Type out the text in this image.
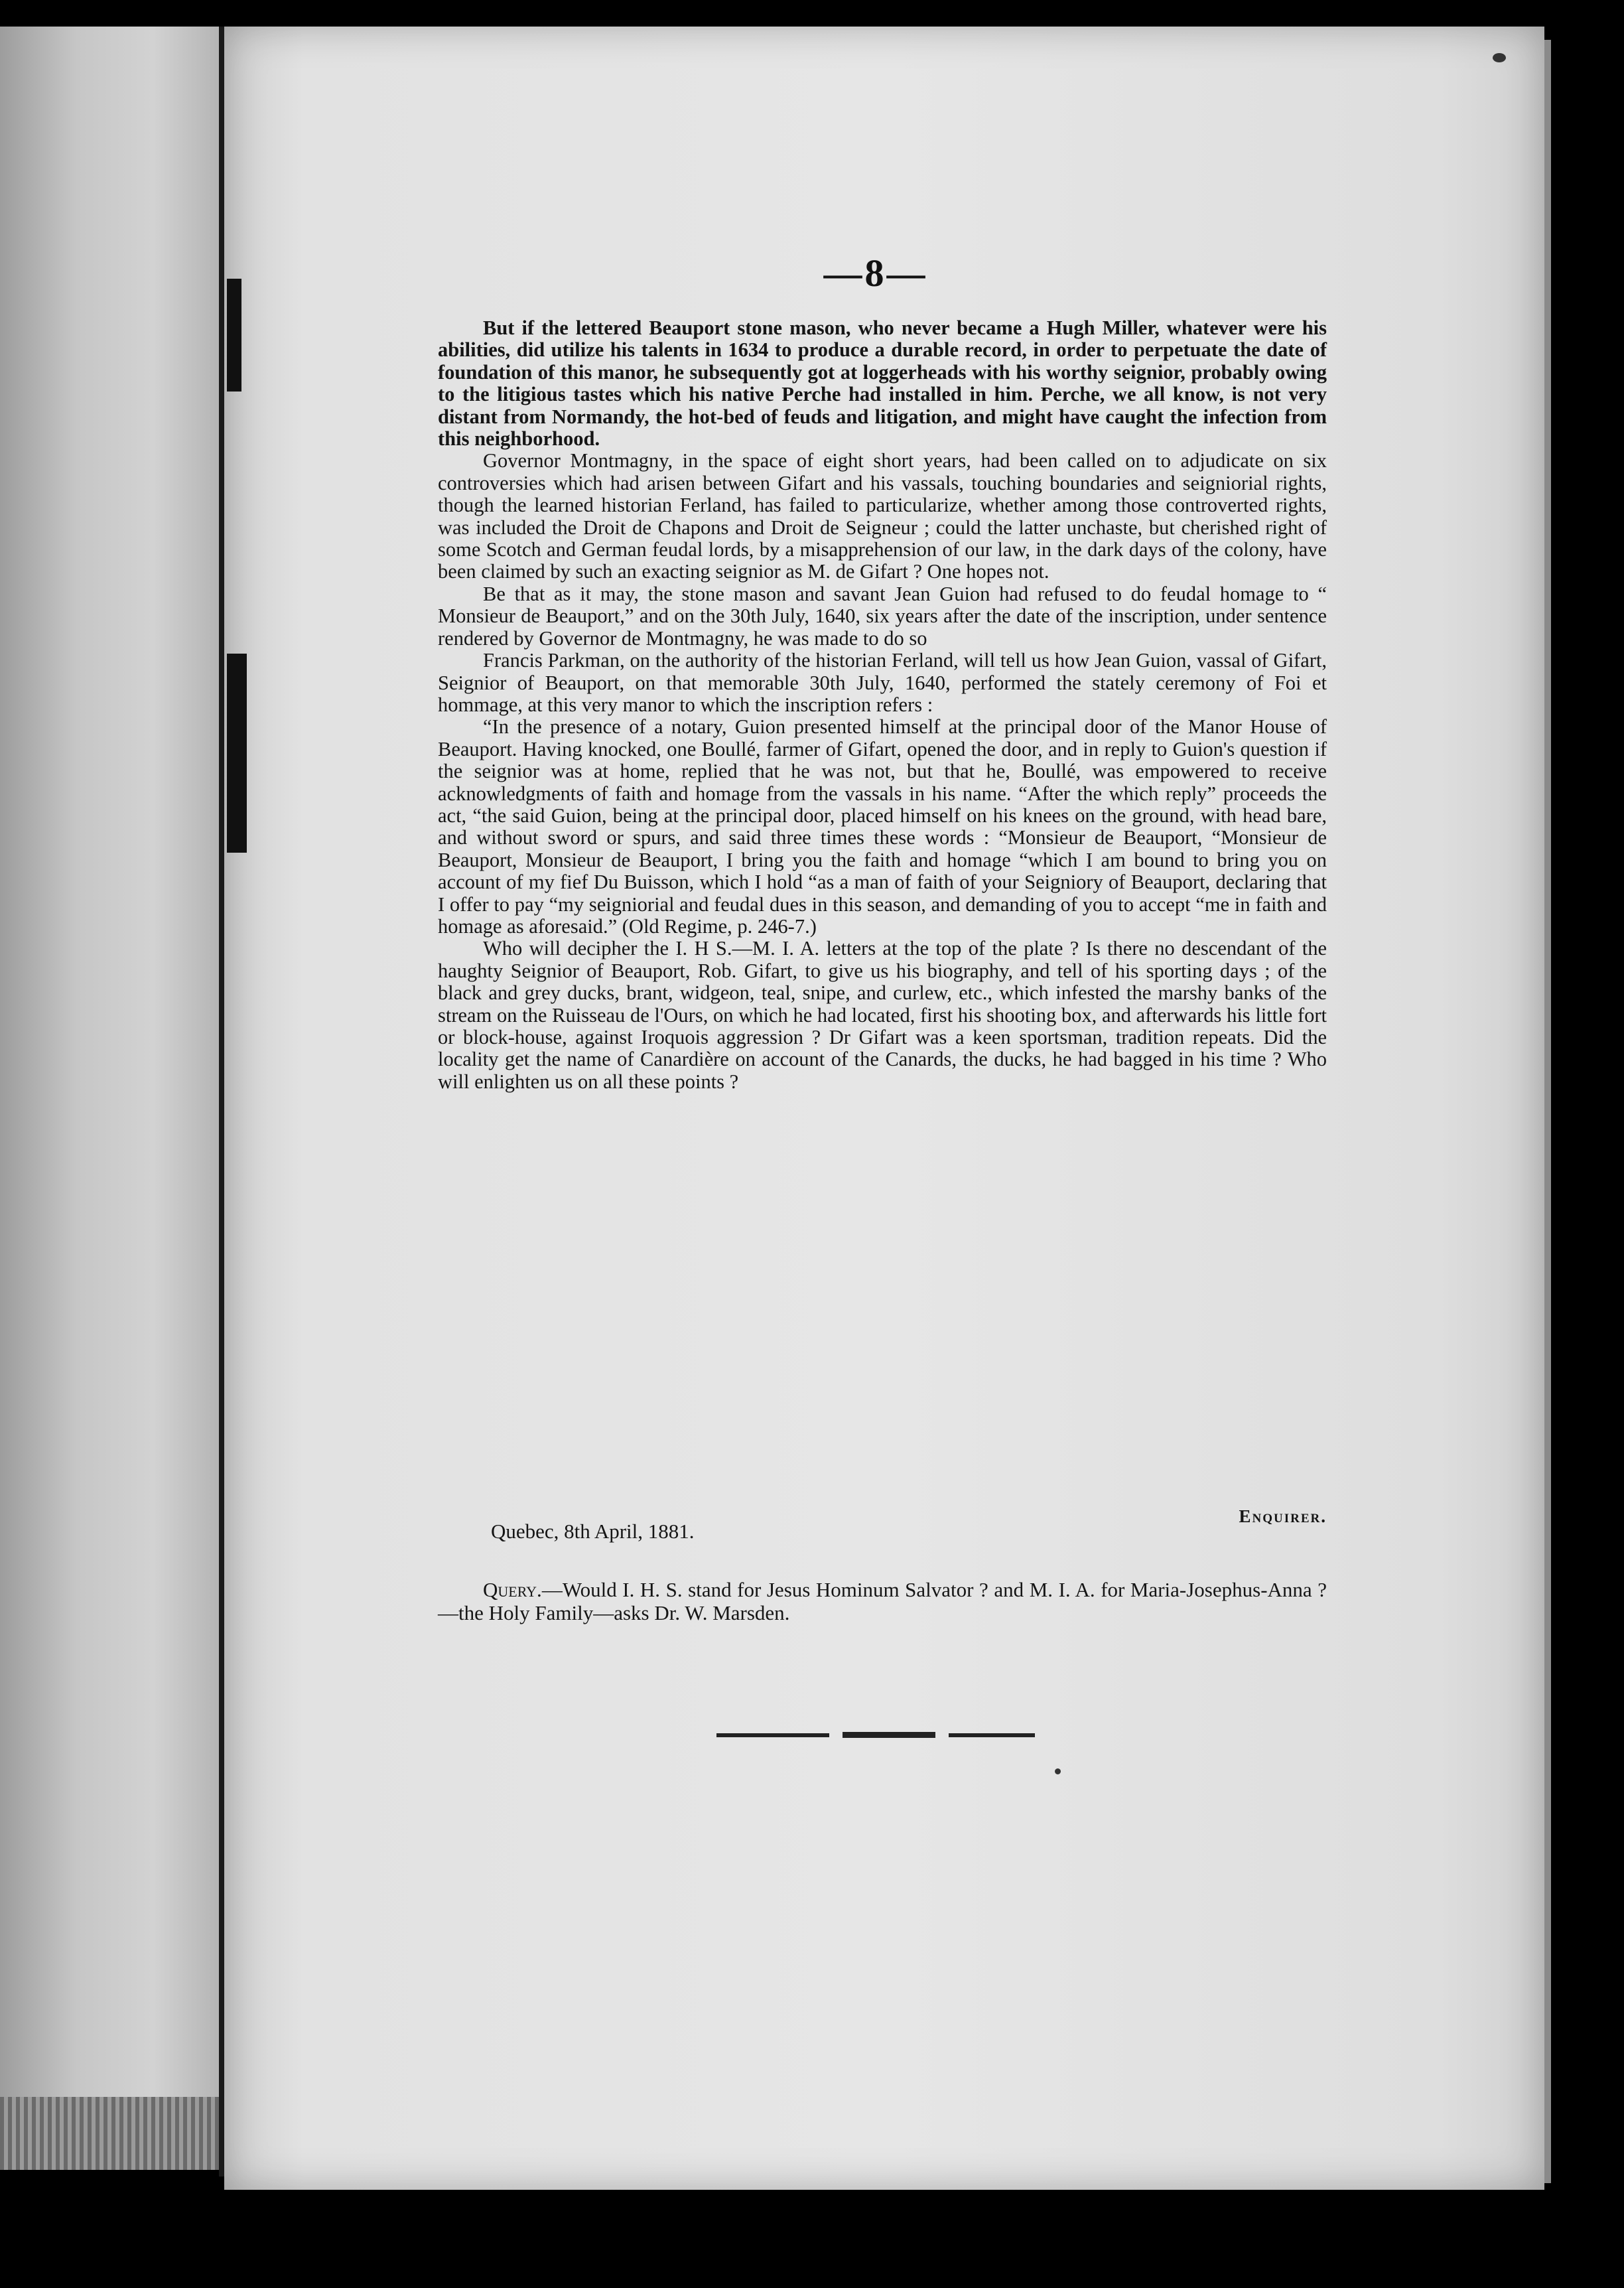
—8—

But if the lettered Beauport stone mason, who never became a Hugh Miller, whatever were his abilities, did utilize his talents in 1634 to produce a durable record, in order to perpetuate the date of foundation of this manor, he subsequently got at loggerheads with his worthy seignior, probably owing to the litigious tastes which his native Perche had installed in him. Perche, we all know, is not very distant from Normandy, the hot-bed of feuds and litigation, and might have caught the infection from this neighborhood.

Governor Montmagny, in the space of eight short years, had been called on to adjudicate on six controversies which had arisen between Gifart and his vassals, touching boundaries and seigniorial rights, though the learned historian Ferland, has failed to particularize, whether among those controverted rights, was included the Droit de Chapons and Droit de Seigneur ; could the latter unchaste, but cherished right of some Scotch and German feudal lords, by a misapprehension of our law, in the dark days of the colony, have been claimed by such an exacting seignior as M. de Gifart ? One hopes not.

Be that as it may, the stone mason and savant Jean Guion had refused to do feudal homage to “ Monsieur de Beauport,” and on the 30th July, 1640, six years after the date of the inscription, under sentence rendered by Governor de Montmagny, he was made to do so

Francis Parkman, on the authority of the historian Ferland, will tell us how Jean Guion, vassal of Gifart, Seignior of Beauport, on that memorable 30th July, 1640, performed the stately ceremony of Foi et hommage, at this very manor to which the inscription refers :

“In the presence of a notary, Guion presented himself at the principal door of the Manor House of Beauport. Having knocked, one Boullé, farmer of Gifart, opened the door, and in reply to Guion's question if the seignior was at home, replied that he was not, but that he, Boullé, was empowered to receive acknowledgments of faith and homage from the vassals in his name. “After the which reply” proceeds the act, “the said Guion, being at the principal door, placed himself on his knees on the ground, with head bare, and without sword or spurs, and said three times these words : “Monsieur de Beauport, “Monsieur de Beauport, Monsieur de Beauport, I bring you the faith and homage “which I am bound to bring you on account of my fief Du Buisson, which I hold “as a man of faith of your Seigniory of Beauport, declaring that I offer to pay “my seigniorial and feudal dues in this season, and demanding of you to accept “me in faith and homage as aforesaid.” (Old Regime, p. 246-7.)

Who will decipher the I. H S.—M. I. A. letters at the top of the plate ? Is there no descendant of the haughty Seignior of Beauport, Rob. Gifart, to give us his biography, and tell of his sporting days ; of the black and grey ducks, brant, widgeon, teal, snipe, and curlew, etc., which infested the marshy banks of the stream on the Ruisseau de l'Ours, on which he had located, first his shooting box, and afterwards his little fort or block-house, against Iroquois aggression ? Dr Gifart was a keen sportsman, tradition repeats. Did the locality get the name of Canardière on account of the Canards, the ducks, he had bagged in his time ? Who will enlighten us on all these points ?

Enquirer.
Quebec, 8th April, 1881.
Query.—Would I. H. S. stand for Jesus Hominum Salvator ? and M. I. A. for Maria-Josephus-Anna ?—the Holy Family—asks Dr. W. Marsden.
